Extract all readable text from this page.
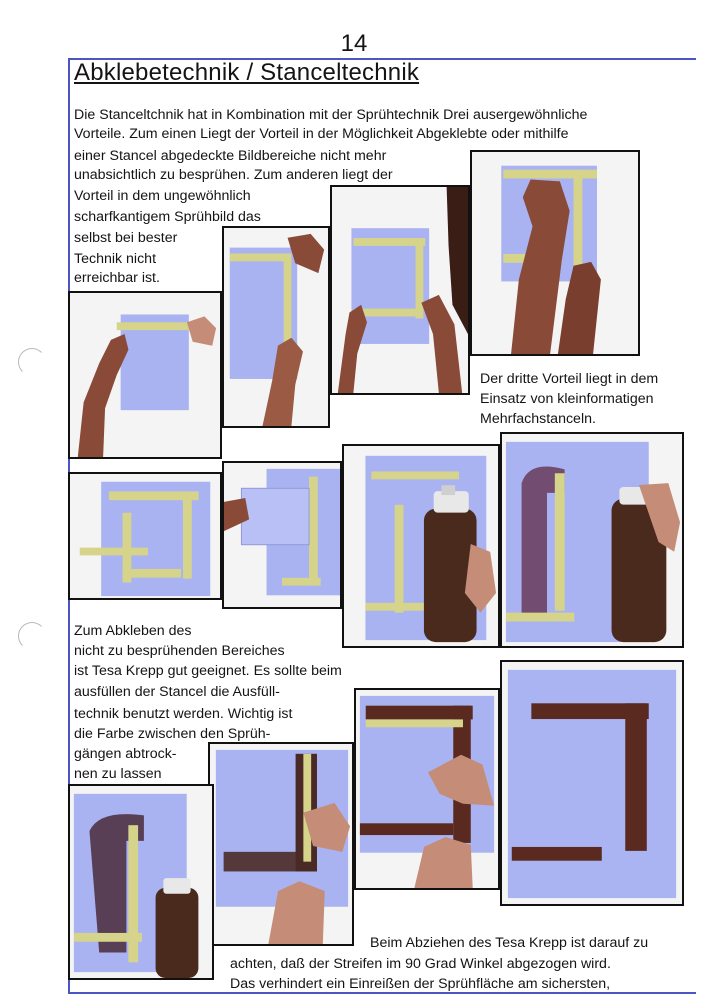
14
Abklebetechnik / Stanceltechnik
Die Stanceltchnik hat in Kombination mit der Sprühtechnik Drei ausergewöhnliche
Vorteile. Zum einen Liegt der Vorteil in der Möglichkeit Abgeklebte oder mithilfe
einer Stancel abgedeckte Bildbereiche nicht mehr
unabsichtlich zu besprühen. Zum anderen liegt der
Vorteil in dem ungewöhnlich
scharfkantigem Sprühbild das
selbst bei bester
Technik nicht
erreichbar ist.
Der dritte Vorteil liegt in dem
Einsatz von kleinformatigen
Mehrfachstanceln.
Zum Abkleben des
nicht zu besprühenden Bereiches
ist Tesa Krepp gut geeignet. Es sollte beim
ausfüllen der Stancel die Ausfüll-
technik benutzt werden. Wichtig ist
die Farbe zwischen den Sprüh-
gängen abtrock-
nen zu lassen
Beim Abziehen des Tesa Krepp ist darauf zu
achten, daß der Streifen im 90 Grad Winkel abgezogen wird.
Das verhindert ein Einreißen der Sprühfläche am sichersten,
